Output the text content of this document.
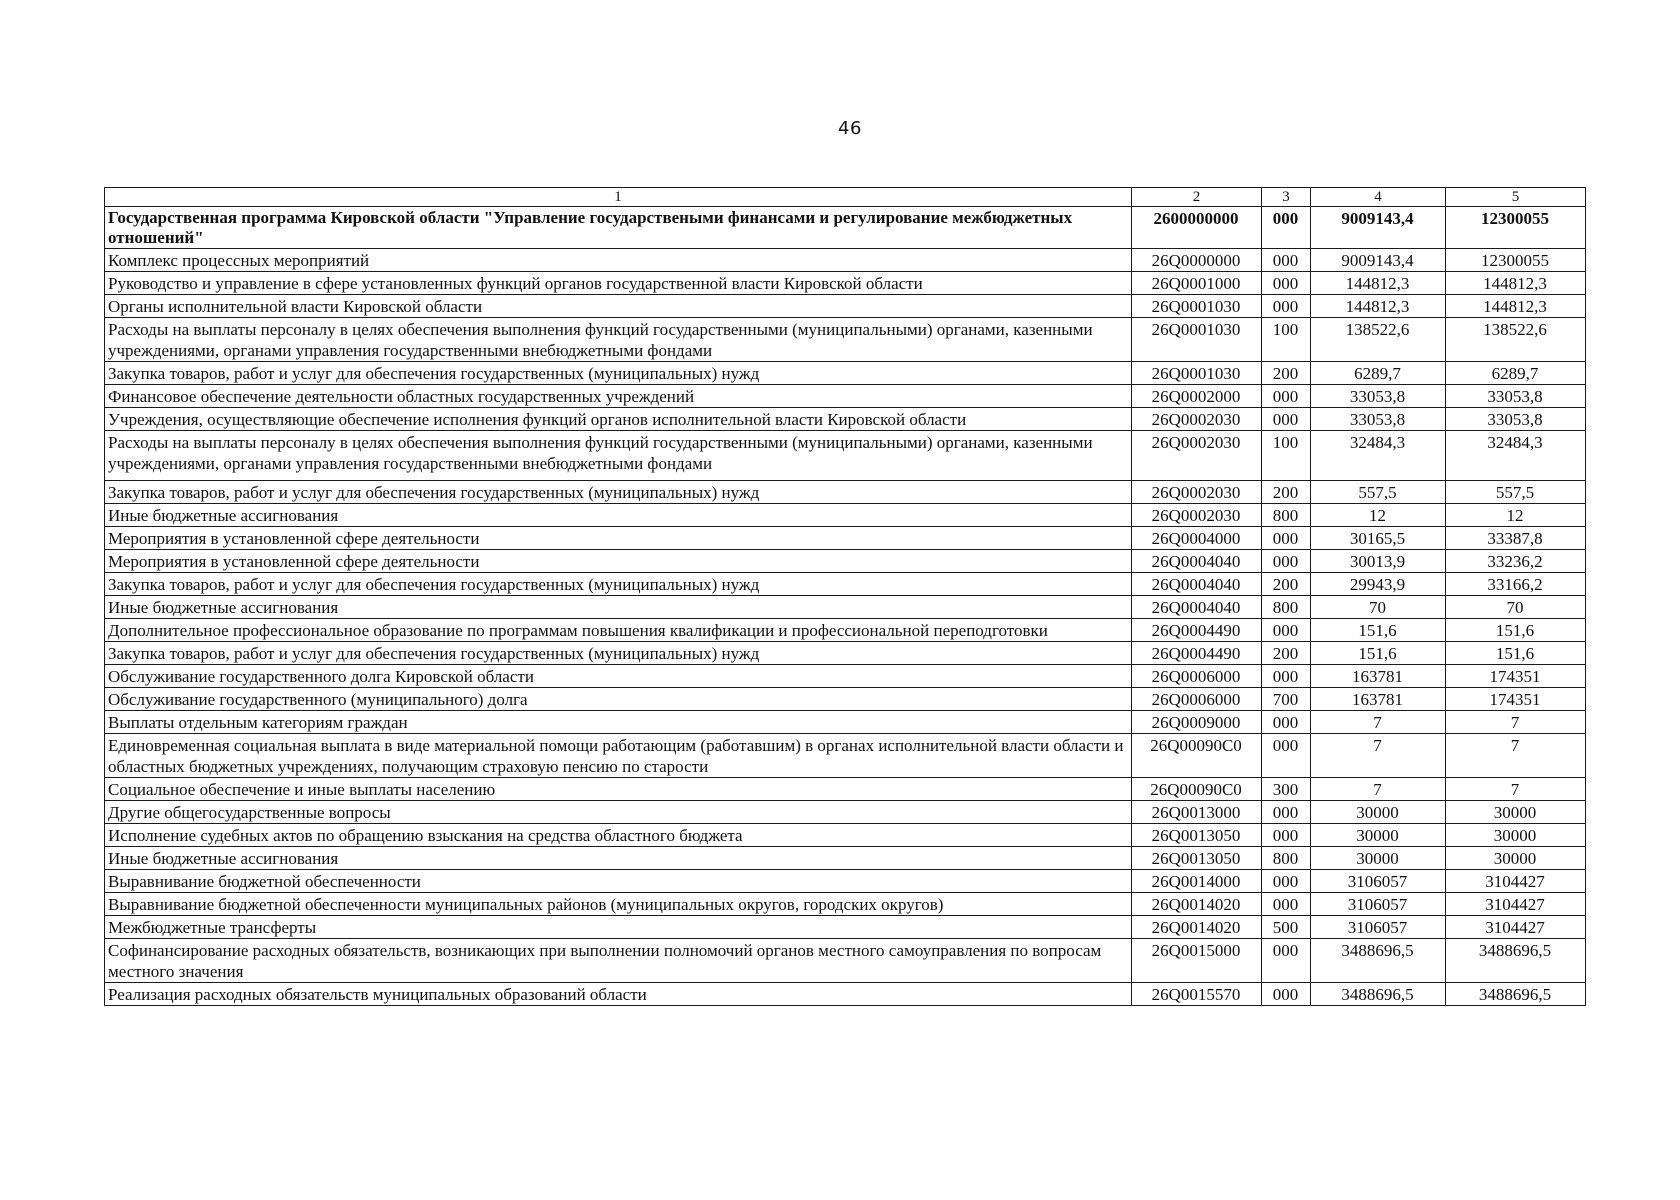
46
1	2	3	4	5
Государственная программа Кировской области "Управление государствеными финансами и регулирование межбюджетных отношений"	2600000000	000	9009143,4	12300055
Комплекс процессных мероприятий	26Q0000000	000	9009143,4	12300055
Руководство и управление в сфере установленных функций органов государственной власти Кировской области	26Q0001000	000	144812,3	144812,3
Органы исполнительной власти Кировской области	26Q0001030	000	144812,3	144812,3
Расходы на выплаты персоналу в целях обеспечения выполнения функций государственными (муниципальными) органами, казенными учреждениями, органами управления государственными внебюджетными фондами	26Q0001030	100	138522,6	138522,6
Закупка товаров, работ и услуг для обеспечения государственных (муниципальных) нужд	26Q0001030	200	6289,7	6289,7
Финансовое обеспечение деятельности областных государственных учреждений	26Q0002000	000	33053,8	33053,8
Учреждения, осуществляющие обеспечение исполнения функций органов исполнительной власти Кировской области	26Q0002030	000	33053,8	33053,8
Расходы на выплаты персоналу в целях обеспечения выполнения функций государственными (муниципальными) органами, казенными учреждениями, органами управления государственными внебюджетными фондами	26Q0002030	100	32484,3	32484,3
Закупка товаров, работ и услуг для обеспечения государственных (муниципальных) нужд	26Q0002030	200	557,5	557,5
Иные бюджетные ассигнования	26Q0002030	800	12	12
Мероприятия в установленной сфере деятельности	26Q0004000	000	30165,5	33387,8
Мероприятия в установленной сфере деятельности	26Q0004040	000	30013,9	33236,2
Закупка товаров, работ и услуг для обеспечения государственных (муниципальных) нужд	26Q0004040	200	29943,9	33166,2
Иные бюджетные ассигнования	26Q0004040	800	70	70
Дополнительное профессиональное образование по программам повышения квалификации и профессиональной переподготовки	26Q0004490	000	151,6	151,6
Закупка товаров, работ и услуг для обеспечения государственных (муниципальных) нужд	26Q0004490	200	151,6	151,6
Обслуживание государственного долга Кировской области	26Q0006000	000	163781	174351
Обслуживание государственного (муниципального) долга	26Q0006000	700	163781	174351
Выплаты отдельным категориям граждан	26Q0009000	000	7	7
Единовременная социальная выплата в виде материальной помощи работающим (работавшим) в органах исполнительной власти области и областных бюджетных учреждениях, получающим страховую пенсию по старости	26Q00090C0	000	7	7
Социальное обеспечение и иные выплаты населению	26Q00090C0	300	7	7
Другие общегосударственные вопросы	26Q0013000	000	30000	30000
Исполнение судебных актов по обращению взыскания на средства областного бюджета	26Q0013050	000	30000	30000
Иные бюджетные ассигнования	26Q0013050	800	30000	30000
Выравнивание бюджетной обеспеченности	26Q0014000	000	3106057	3104427
Выравнивание бюджетной обеспеченности муниципальных районов (муниципальных округов, городских округов)	26Q0014020	000	3106057	3104427
Межбюджетные трансферты	26Q0014020	500	3106057	3104427
Софинансирование расходных обязательств, возникающих при выполнении полномочий органов местного самоуправления по вопросам местного значения	26Q0015000	000	3488696,5	3488696,5
Реализация расходных обязательств муниципальных образований области	26Q0015570	000	3488696,5	3488696,5
